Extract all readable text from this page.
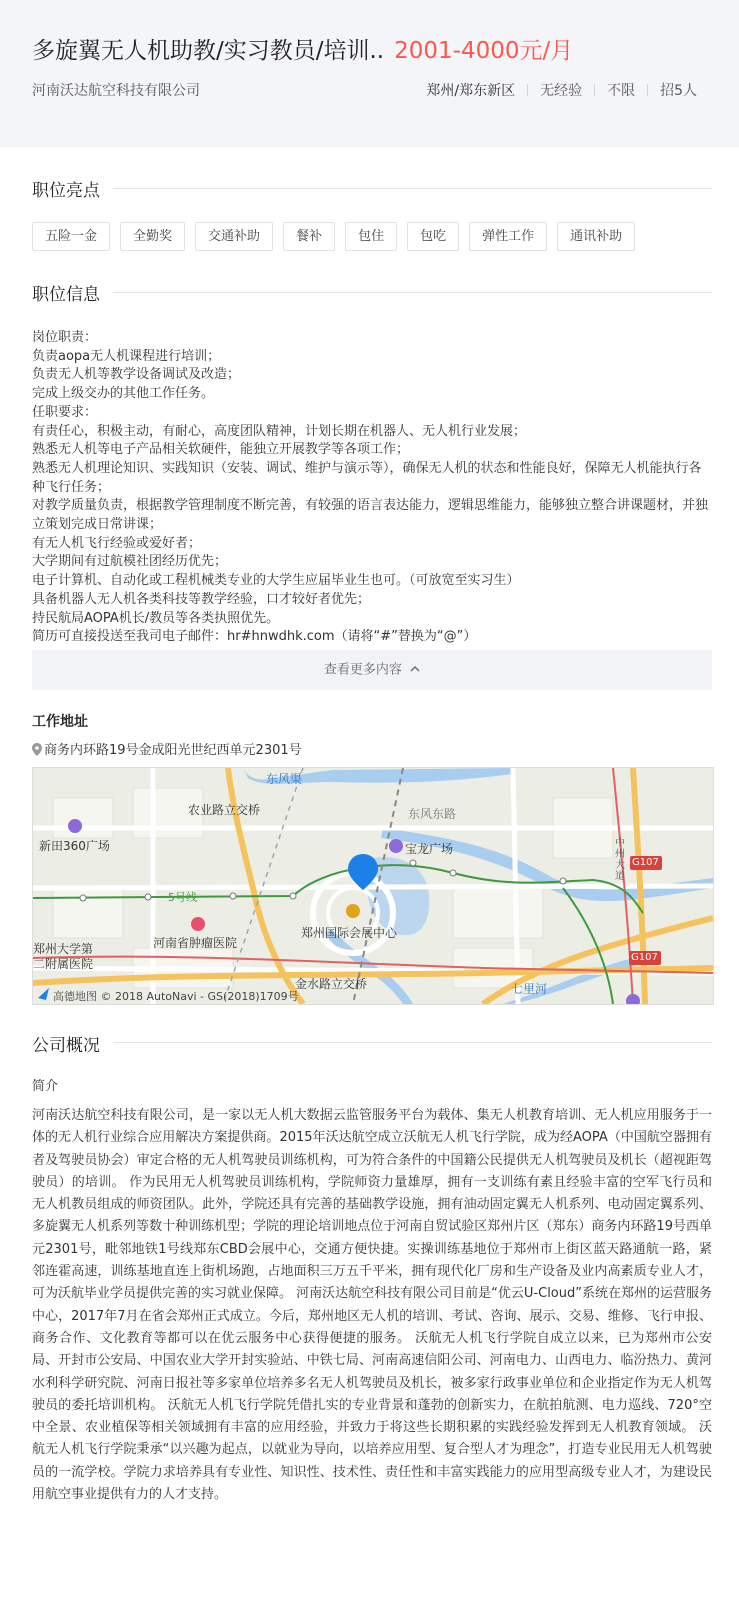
多旋翼无人机助教/实习教员/培训.. 2001-4000元/月
河南沃达航空科技有限公司	郑州/郑东新区 无经验 不限 招5人
职位亮点
五险一金	全勤奖	交通补助	餐补	包住	包吃	弹性工作	通讯补助
职位信息
岗位职责：
负责aopa无人机课程进行培训；
负责无人机等教学设备调试及改造；
完成上级交办的其他工作任务。
任职要求：
有责任心，积极主动，有耐心，高度团队精神，计划长期在机器人、无人机行业发展；
熟悉无人机等电子产品相关软硬件，能独立开展教学等各项工作；
熟悉无人机理论知识、实践知识（安装、调试、维护与演示等），确保无人机的状态和性能良好，保障无人机能执行各种飞行任务；
对教学质量负责，根据教学管理制度不断完善，有较强的语言表达能力，逻辑思维能力，能够独立整合讲课题材，并独立策划完成日常讲课；
有无人机飞行经验或爱好者；
大学期间有过航模社团经历优先；
电子计算机、自动化或工程机械类专业的大学生应届毕业生也可。（可放宽至实习生）
具备机器人无人机各类科技等教学经验，口才较好者优先；
持民航局AOPA机长/教员等各类执照优先。
简历可直接投送至我司电子邮件：hr#hnwdhk.com（请将“#”替换为“@”）
查看更多内容
工作地址
商务内环路19号金成阳光世纪西单元2301号
东风渠
农业路立交桥	东风东路
新田360广场	宝龙广场
5号线
河南省肿瘤医院
郑州国际会展中心
郑州大学第二附属医院
金水路立交桥	七里河
G107
G107
中州大道
高德地图 © 2018 AutoNavi - GS(2018)1709号
公司概况
简介
河南沃达航空科技有限公司，是一家以无人机大数据云监管服务平台为载体、集无人机教育培训、无人机应用服务于一体的无人机行业综合应用解决方案提供商。2015年沃达航空成立沃航无人机飞行学院，成为经AOPA（中国航空器拥有者及驾驶员协会）审定合格的无人机驾驶员训练机构，可为符合条件的中国籍公民提供无人机驾驶员及机长（超视距驾驶员）的培训。 作为民用无人机驾驶员训练机构，学院师资力量雄厚，拥有一支训练有素且经验丰富的空军飞行员和无人机教员组成的师资团队。此外，学院还具有完善的基础教学设施，拥有油动固定翼无人机系列、电动固定翼系列、多旋翼无人机系列等数十种训练机型；学院的理论培训地点位于河南自贸试验区郑州片区（郑东）商务内环路19号西单元2301号，毗邻地铁1号线郑东CBD会展中心，交通方便快捷。实操训练基地位于郑州市上街区蓝天路通航一路，紧邻连霍高速，训练基地直连上街机场跑，占地面积三万五千平米，拥有现代化厂房和生产设备及业内高素质专业人才，可为沃航毕业学员提供完善的实习就业保障。 河南沃达航空科技有限公司目前是“优云U-Cloud”系统在郑州的运营服务中心，2017年7月在省会郑州正式成立。今后，郑州地区无人机的培训、考试、咨询、展示、交易、维修、飞行申报、商务合作、文化教育等都可以在优云服务中心获得便捷的服务。 沃航无人机飞行学院自成立以来，已为郑州市公安局、开封市公安局、中国农业大学开封实验站、中铁七局、河南高速信阳公司、河南电力、山西电力、临汾热力、黄河水利科学研究院、河南日报社等多家单位培养多名无人机驾驶员及机长，被多家行政事业单位和企业指定作为无人机驾驶员的委托培训机构。 沃航无人机飞行学院凭借扎实的专业背景和蓬勃的创新实力，在航拍航测、电力巡线、720°空中全景、农业植保等相关领域拥有丰富的应用经验，并致力于将这些长期积累的实践经验发挥到无人机教育领域。 沃航无人机飞行学院秉承“以兴趣为起点，以就业为导向，以培养应用型、复合型人才为理念”，打造专业民用无人机驾驶员的一流学校。学院力求培养具有专业性、知识性、技术性、责任性和丰富实践能力的应用型高级专业人才，为建设民用航空事业提供有力的人才支持。
